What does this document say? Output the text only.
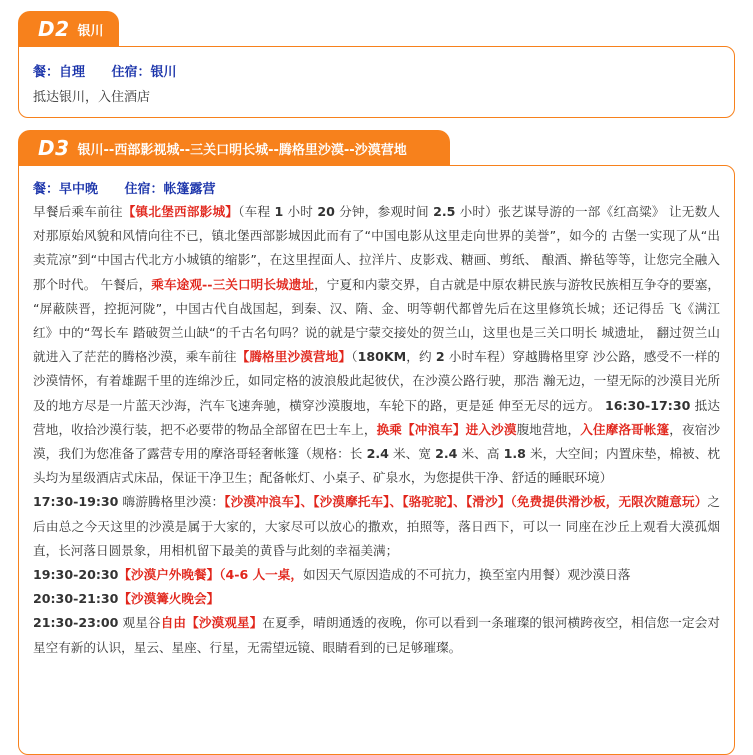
D2 银川
餐：自理 住宿：银川
抵达银川，入住酒店
D3 银川--西部影视城--三关口明长城--腾格里沙漠--沙漠营地
餐：早中晚 住宿：帐篷露营
早餐后乘车前往【镇北堡西部影城】（车程 1 小时 20 分钟，参观时间 2.5 小时）张艺谋导游的一部《红高粱》 让无数人对那原始风貌和风情向往不已，镇北堡西部影城因此而有了“中国电影从这里走向世界的美誉”，如今的 古堡一实现了从“出卖荒凉”到“中国古代北方小城镇的缩影”，在这里捏面人、拉洋片、皮影戏、糖画、剪纸、 酿酒、擀毡等等，让您完全融入那个时代。 午餐后，乘车途观--三关口明长城遗址，宁夏和内蒙交界，自古就是中原农耕民族与游牧民族相互争夺的要塞， “屏蔽陕晋，控扼河陇”，中国古代自战国起，到秦、汉、隋、金、明等朝代都曾先后在这里修筑长城；还记得岳 飞《满江红》中的“驾长车 踏破贺兰山缺“的千古名句吗？说的就是宁蒙交接处的贺兰山，这里也是三关口明长 城遗址， 翻过贺兰山就进入了茫茫的腾格沙漠，乘车前往【腾格里沙漠营地】（180KM，约 2 小时车程）穿越腾格里穿 沙公路，感受不一样的沙漠情怀，有着雄踞千里的连绵沙丘，如同定格的波浪般此起彼伏，在沙漠公路行驶，那浩 瀚无边，一望无际的沙漠目光所及的地方尽是一片蓝天沙海，汽车飞速奔驰，横穿沙漠腹地，车轮下的路，更是延 伸至无尽的远方。 16:30-17:30 抵达营地，收拾沙漠行装，把不必要带的物品全部留在巴士车上，换乘【冲浪车】进入沙漠腹地营地，入住摩洛哥帐篷，夜宿沙漠，我们为您准备了露营专用的摩洛哥轻奢帐篷（规格：长 2.4 米、宽 2.4 米、高 1.8 米，大空间；内置床垫，棉被、枕头均为星级酒店式床品，保证干净卫生；配备帐灯、小桌子、矿泉水，为您提供干净、舒适的睡眠环境）
17:30-19:30 嗨游腾格里沙漠：【沙漠冲浪车】、【沙漠摩托车】、【骆驼驼】、【滑沙】（免费提供滑沙板，无限次随意玩）之后由总之今天这里的沙漠是属于大家的，大家尽可以放心的撒欢，拍照等，落日西下，可以一 同座在沙丘上观看大漠孤烟直，长河落日圆景象，用相机留下最美的黄昏与此刻的幸福美满；
19:30-20:30【沙漠户外晚餐】（4-6 人一桌，如因天气原因造成的不可抗力，换至室内用餐）观沙漠日落
20:30-21:30【沙漠篝火晚会】
21:30-23:00 观星谷自由【沙漠观星】在夏季，晴朗通透的夜晚，你可以看到一条璀璨的银河横跨夜空，相信您一定会对星空有新的认识，星云、星座、行星，无需望远镜、眼睛看到的已足够璀璨。
